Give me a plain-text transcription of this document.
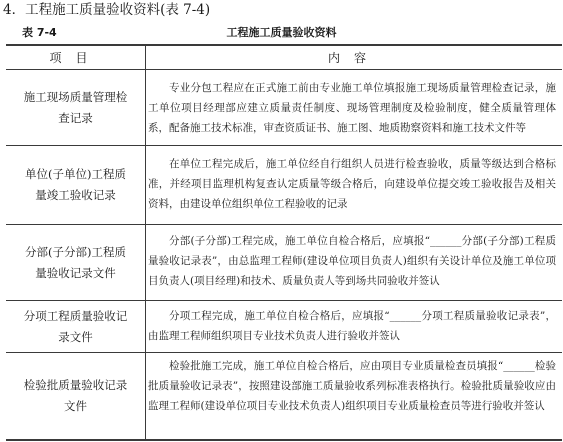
4．工程施工质量验收资料(表 7-4)
表 7-4	工程施工质量验收资料
项目	内容
施工现场质量管理检查记录
专业分包工程应在正式施工前由专业施工单位填报施工现场质量管理检查记录，施工单位项目经理部应建立质量责任制度、现场管理制度及检验制度，健全质量管理体系，配备施工技术标准，审查资质证书、施工图、地质勘察资料和施工技术文件等
单位(子单位)工程质量竣工验收记录
在单位工程完成后，施工单位经自行组织人员进行检查验收，质量等级达到合格标准，并经项目监理机构复查认定质量等级合格后，向建设单位提交竣工验收报告及相关资料，由建设单位组织单位工程验收的记录
分部(子分部)工程质量验收记录文件
分部(子分部)工程完成，施工单位自检合格后，应填报“______分部(子分部)工程质量验收记录表”，由总监理工程师(建设单位项目负责人)组织有关设计单位及施工单位项目负责人(项目经理)和技术、质量负责人等到场共同验收并签认
分项工程质量验收记录文件
分项工程完成，施工单位自检合格后，应填报“______分项工程质量验收记录表”，由监理工程师组织项目专业技术负责人进行验收并签认
检验批质量验收记录文件
检验批施工完成，施工单位自检合格后，应由项目专业质量检查员填报“______检验批质量验收记录表”，按照建设部施工质量验收系列标准表格执行。检验批质量验收应由监理工程师(建设单位项目专业技术负责人)组织项目专业质量检查员等进行验收并签认
